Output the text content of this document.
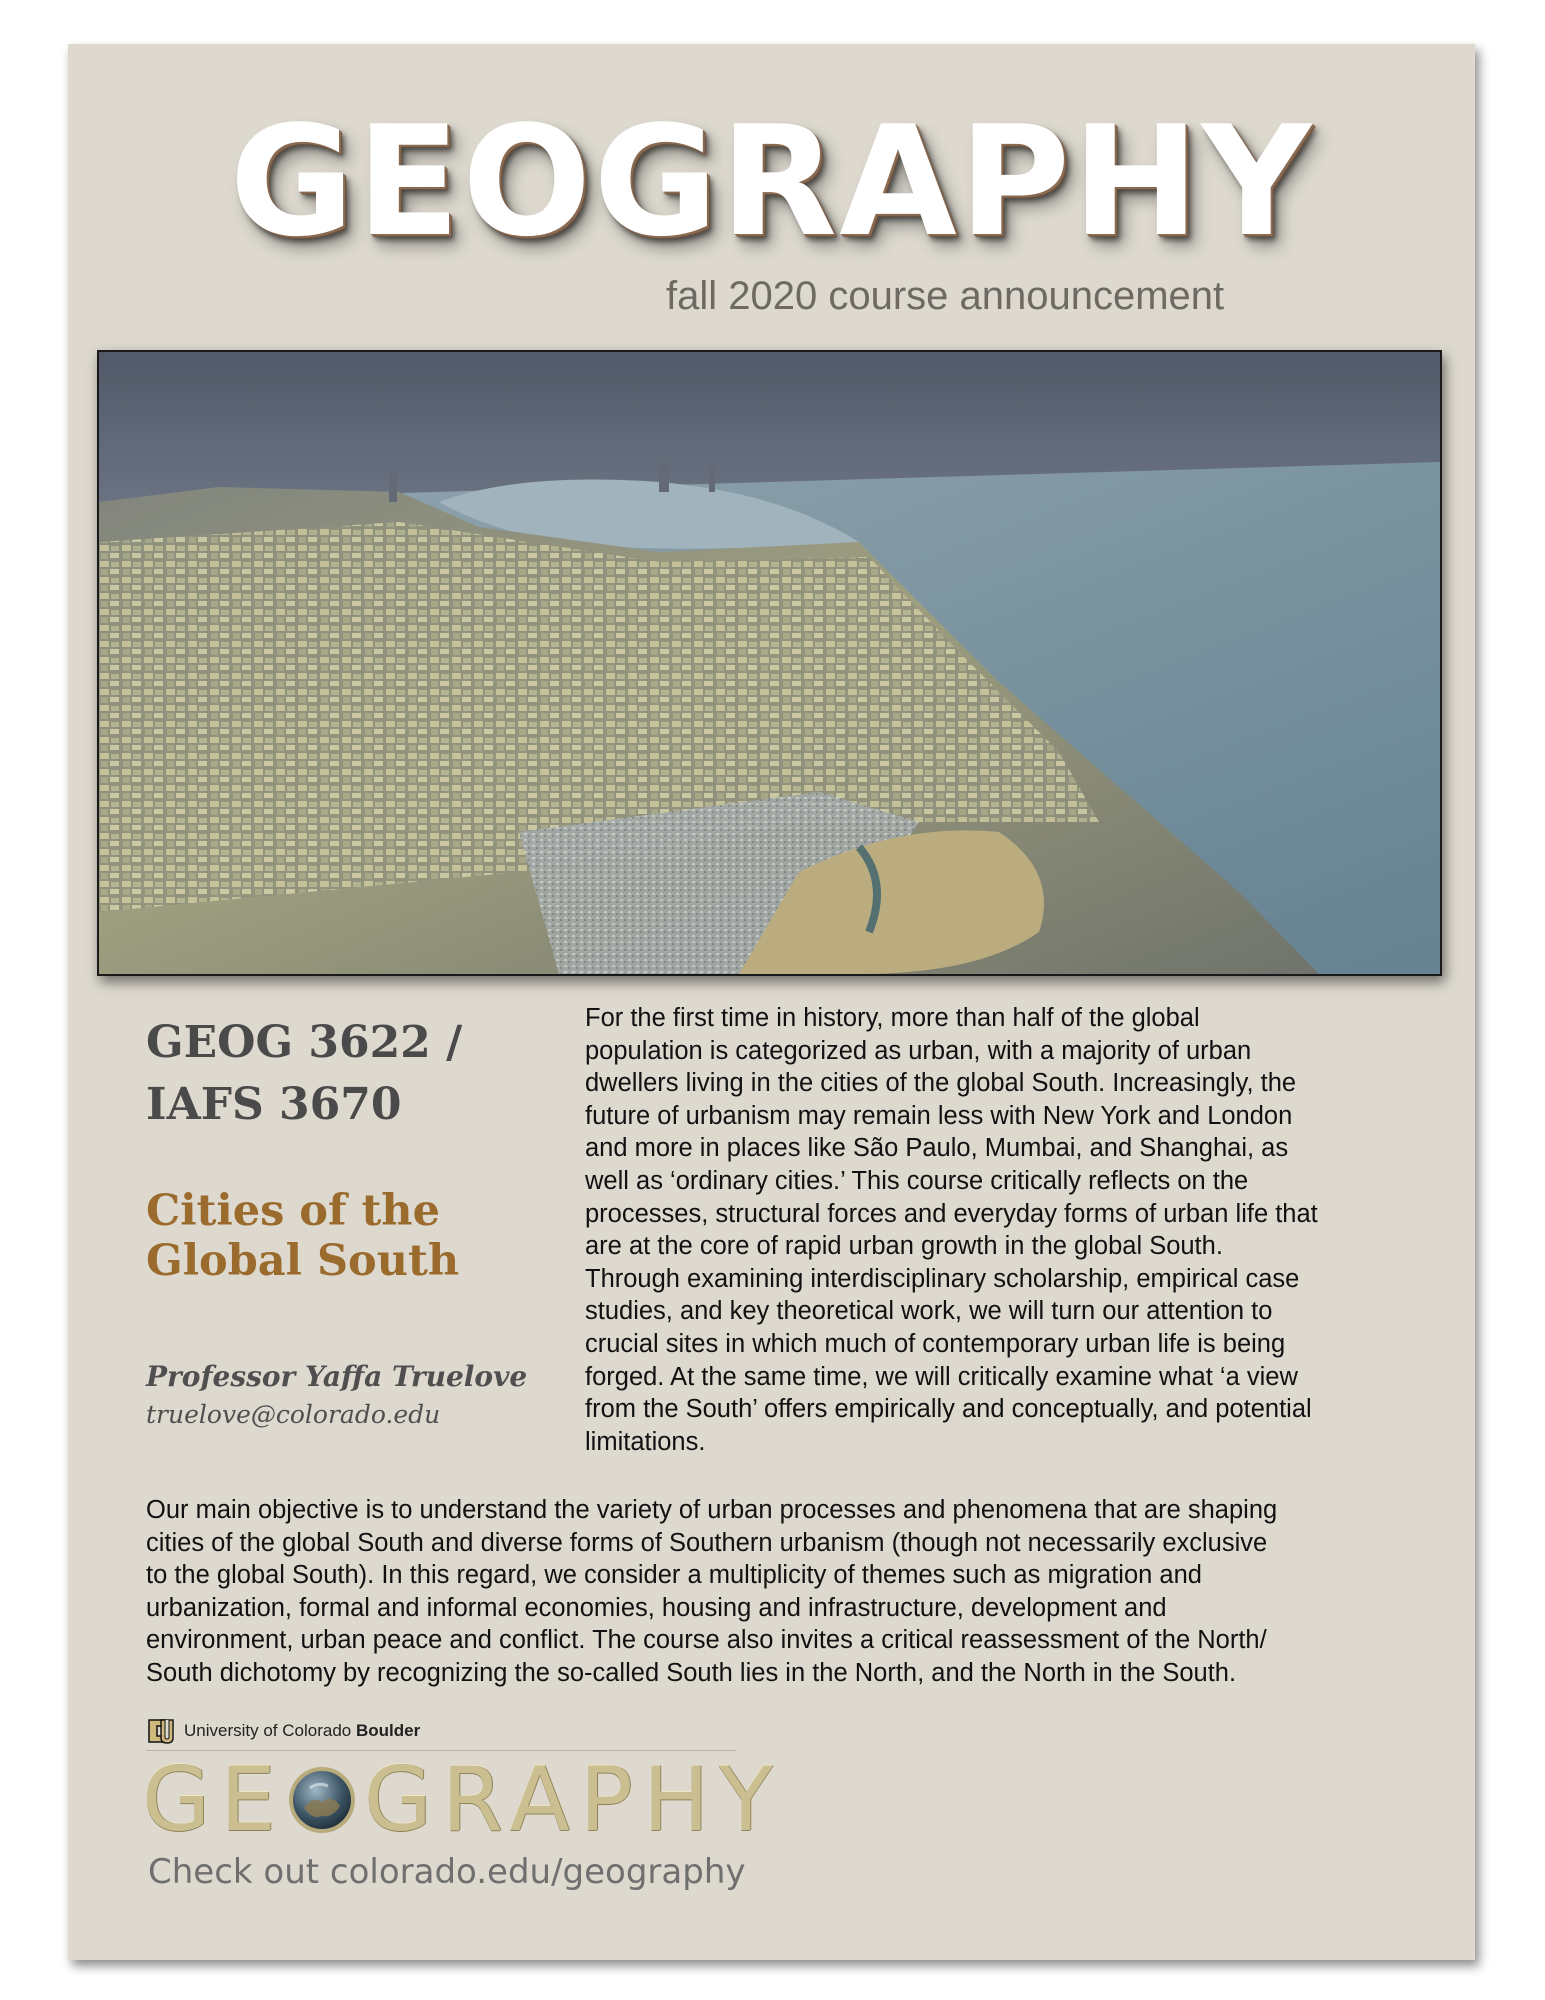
GEOGRAPHY
fall 2020 course announcement
GEOG 3622 /
IAFS 3670
Cities of the
Global South
Professor Yaffa Truelove
truelove@colorado.edu
For the first time in history, more than half of the global
population is categorized as urban, with a majority of urban
dwellers living in the cities of the global South. Increasingly, the
future of urbanism may remain less with New York and London
and more in places like São Paulo, Mumbai, and Shanghai, as
well as ‘ordinary cities.’ This course critically reflects on the
processes, structural forces and everyday forms of urban life that
are at the core of rapid urban growth in the global South.
Through examining interdisciplinary scholarship, empirical case
studies, and key theoretical work, we will turn our attention to
crucial sites in which much of contemporary urban life is being
forged. At the same time, we will critically examine what ‘a view
from the South’ offers empirically and conceptually, and potential
limitations.
Our main objective is to understand the variety of urban processes and phenomena that are shaping
cities of the global South and diverse forms of Southern urbanism (though not necessarily exclusive
to the global South). In this regard, we consider a multiplicity of themes such as migration and
urbanization, formal and informal economies, housing and infrastructure, development and
environment, urban peace and conflict. The course also invites a critical reassessment of the North/
South dichotomy by recognizing the so-called South lies in the North, and the North in the South.
University of Colorado Boulder
GE GRAPHY
Check out colorado.edu/geography
